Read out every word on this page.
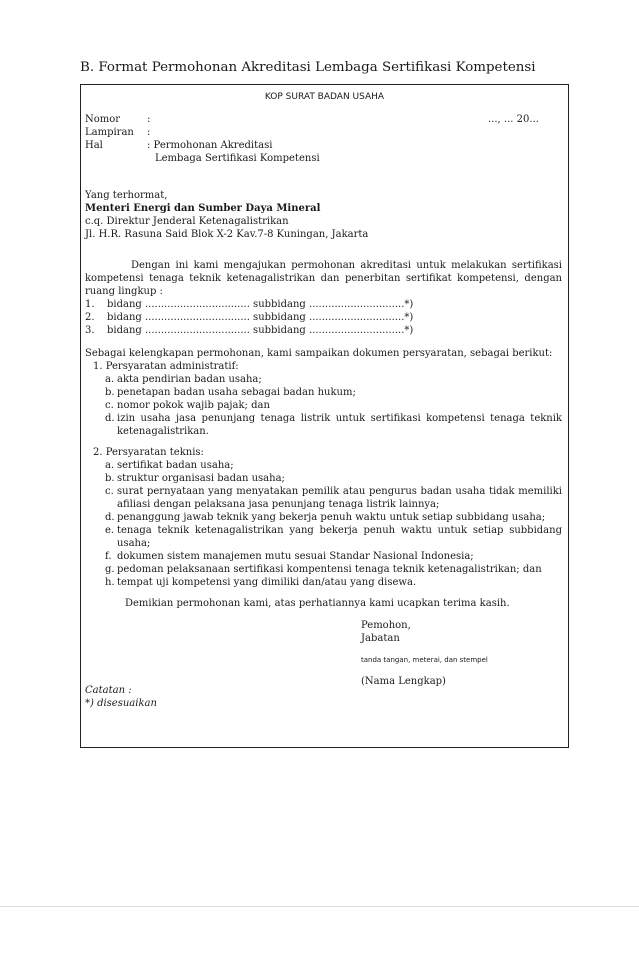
B. Format Permohonan Akreditasi Lembaga Sertifikasi Kompetensi
KOP SURAT BADAN USAHA
Nomor	:	..., ... 20...
Lampiran :
Hal	: Permohonan Akreditasi
Lembaga Sertifikasi Kompetensi
Yang terhormat,
Menteri Energi dan Sumber Daya Mineral
c.q. Direktur Jenderal Ketenagalistrikan
Jl. H.R. Rasuna Said Blok X-2 Kav.7-8 Kuningan, Jakarta
Dengan ini kami mengajukan permohonan akreditasi untuk melakukan sertifikasi kompetensi tenaga teknik ketenagalistrikan dan penerbitan sertifikat kompetensi, dengan ruang lingkup :
1. bidang ................................. subbidang ..............................*)
2. bidang ................................. subbidang ..............................*)
3. bidang ................................. subbidang ..............................*)
Sebagai kelengkapan permohonan, kami sampaikan dokumen persyaratan, sebagai berikut:
1. Persyaratan administratif:
a. akta pendirian badan usaha;
b. penetapan badan usaha sebagai badan hukum;
c. nomor pokok wajib pajak; dan
d. izin usaha jasa penunjang tenaga listrik untuk sertifikasi kompetensi tenaga teknik ketenagalistrikan.
2. Persyaratan teknis:
a. sertifikat badan usaha;
b. struktur organisasi badan usaha;
c. surat pernyataan yang menyatakan pemilik atau pengurus badan usaha tidak memiliki afiliasi dengan pelaksana jasa penunjang tenaga listrik lainnya;
d. penanggung jawab teknik yang bekerja penuh waktu untuk setiap subbidang usaha;
e. tenaga teknik ketenagalistrikan yang bekerja penuh waktu untuk setiap subbidang usaha;
f. dokumen sistem manajemen mutu sesuai Standar Nasional Indonesia;
g. pedoman pelaksanaan sertifikasi kompentensi tenaga teknik ketenagalistrikan; dan
h. tempat uji kompetensi yang dimiliki dan/atau yang disewa.
Demikian permohonan kami, atas perhatiannya kami ucapkan terima kasih.
Pemohon,
Jabatan
tanda tangan, meterai, dan stempel
(Nama Lengkap)
Catatan :
*) disesuaikan
